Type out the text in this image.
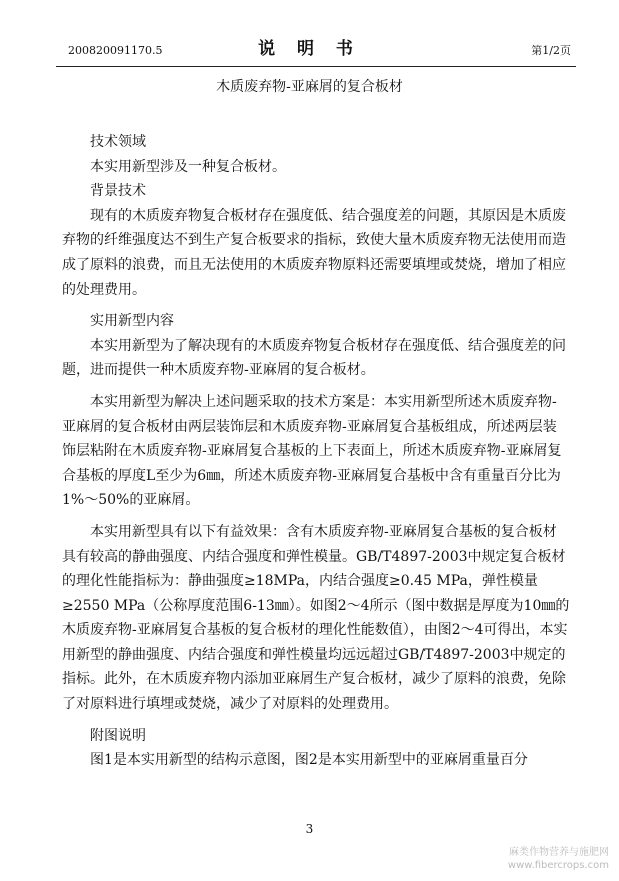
200820091170.5	说 明 书	第1/2页
木质废弃物-亚麻屑的复合板材

技术领域

本实用新型涉及一种复合板材。

背景技术

现有的木质废弃物复合板材存在强度低、结合强度差的问题，其原因是木质废弃物的纤维强度达不到生产复合板要求的指标，致使大量木质废弃物无法使用而造成了原料的浪费，而且无法使用的木质废弃物原料还需要填埋或焚烧，增加了相应的处理费用。

实用新型内容

本实用新型为了解决现有的木质废弃物复合板材存在强度低、结合强度差的问题，进而提供一种木质废弃物-亚麻屑的复合板材。

本实用新型为解决上述问题采取的技术方案是：本实用新型所述木质废弃物-亚麻屑的复合板材由两层装饰层和木质废弃物-亚麻屑复合基板组成，所述两层装饰层粘附在木质废弃物-亚麻屑复合基板的上下表面上，所述木质废弃物-亚麻屑复合基板的厚度L至少为6㎜，所述木质废弃物-亚麻屑复合基板中含有重量百分比为1%～50%的亚麻屑。

本实用新型具有以下有益效果：含有木质废弃物-亚麻屑复合基板的复合板材具有较高的静曲强度、内结合强度和弹性模量。GB/T4897-2003中规定复合板材的理化性能指标为：静曲强度≥18MPa，内结合强度≥0.45 MPa，弹性模量≥2550 MPa（公称厚度范围6-13㎜）。如图2～4所示（图中数据是厚度为10㎜的木质废弃物-亚麻屑复合基板的复合板材的理化性能数值），由图2～4可得出，本实用新型的静曲强度、内结合强度和弹性模量均远远超过GB/T4897-2003中规定的指标。此外，在木质废弃物内添加亚麻屑生产复合板材，减少了原料的浪费，免除了对原料进行填埋或焚烧，减少了对原料的处理费用。

附图说明

图1是本实用新型的结构示意图，图2是本实用新型中的亚麻屑重量百分

3
麻类作物营养与施肥网
www.fibercrops.com
